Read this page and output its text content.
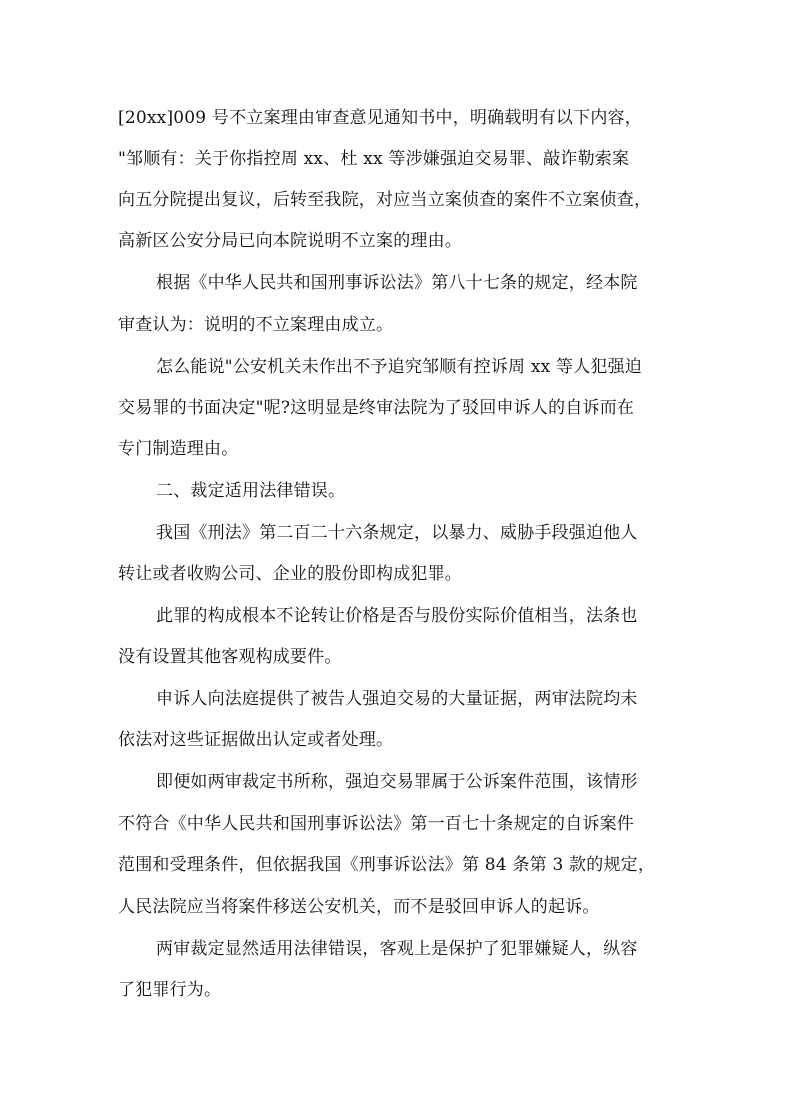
[20xx]009 号不立案理由审查意见通知书中，明确载明有以下内容，
"邹顺有：关于你指控周 xx、杜 xx 等涉嫌强迫交易罪、敲诈勒索案
向五分院提出复议，后转至我院，对应当立案侦查的案件不立案侦查，
高新区公安分局已向本院说明不立案的理由。
根据《中华人民共和国刑事诉讼法》第八十七条的规定，经本院
审查认为：说明的不立案理由成立。
怎么能说"公安机关未作出不予追究邹顺有控诉周 xx 等人犯强迫
交易罪的书面决定"呢?这明显是终审法院为了驳回申诉人的自诉而在
专门制造理由。
二、裁定适用法律错误。
我国《刑法》第二百二十六条规定，以暴力、威胁手段强迫他人
转让或者收购公司、企业的股份即构成犯罪。
此罪的构成根本不论转让价格是否与股份实际价值相当，法条也
没有设置其他客观构成要件。
申诉人向法庭提供了被告人强迫交易的大量证据，两审法院均未
依法对这些证据做出认定或者处理。
即便如两审裁定书所称，强迫交易罪属于公诉案件范围，该情形
不符合《中华人民共和国刑事诉讼法》第一百七十条规定的自诉案件
范围和受理条件，但依据我国《刑事诉讼法》第 84 条第 3 款的规定，
人民法院应当将案件移送公安机关，而不是驳回申诉人的起诉。
两审裁定显然适用法律错误，客观上是保护了犯罪嫌疑人，纵容
了犯罪行为。
